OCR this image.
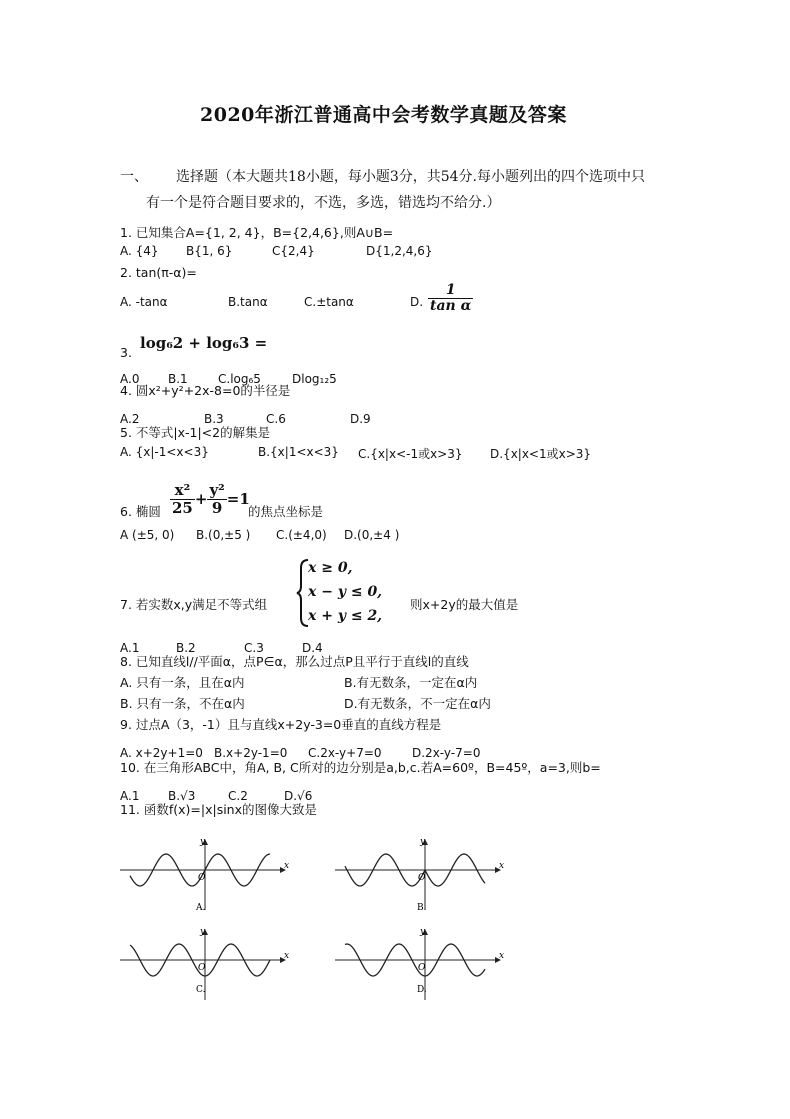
2020年浙江普通高中会考数学真题及答案
一、 选择题（本大题共18小题，每小题3分，共54分.每小题列出的四个选项中只
有一个是符合题目要求的，不选，多选，错选均不给分.）
1. 已知集合A={1, 2, 4}，B={2,4,6},则A∪B=
A. {4} B{1, 6}	C{2,4}	D{1,2,4,6}
2. tan(π-α)=
A. -tanα	B.tanα	C.±tanα	D. $\frac{1}{\text{tan α}}$
3.
log₆2 + log₆3 =
A.0 B.1	C.log₆5	Dlog₁₂5
4. 圆x²+y²+2x-8=0的半径是
A.2	B.3	C.6	D.9
5. 不等式|x-1|<2的解集是
A. {x|-1<x<3}	B.{x|1<x<3} C.{x|x<-1或x>3} D.{x|x<1或x>3}
6. 椭圆 $\frac{\text{x²}}{25} + \frac{\text{y²}}{9} =1$
的焦点坐标是
A (±5, 0) B.(0,±5 ) C.(±4,0) D.(0,±4 )
7. 若实数x,y满足不等式组
x ≥ 0,
x − y ≤ 0,
x + y ≤ 2,
则x+2y的最大值是
A.1	B.2	C.3	D.4
8. 已知直线l//平面α，点P∈α，那么过点P且平行于直线l的直线
A. 只有一条，且在α内	B.有无数条，一定在α内
B. 只有一条，不在α内	D.有无数条，不一定在α内
9. 过点A（3，-1）且与直线x+2y-3=0垂直的直线方程是
A. x+2y+1=0 B.x+2y-1=0 C.2x-y+7=0	D.2x-y-7=0
10. 在三角形ABC中，角A, B, C所对的边分别是a,b,c.若A=60º，B=45º，a=3,则b=
A.1 B.√3	C.2	D.√6
11. 函数f(x)=|x|sinx的图像大致是
y
x
O
A.
y
x
O
B.
y
x
O
C.
y
x
O
D.
